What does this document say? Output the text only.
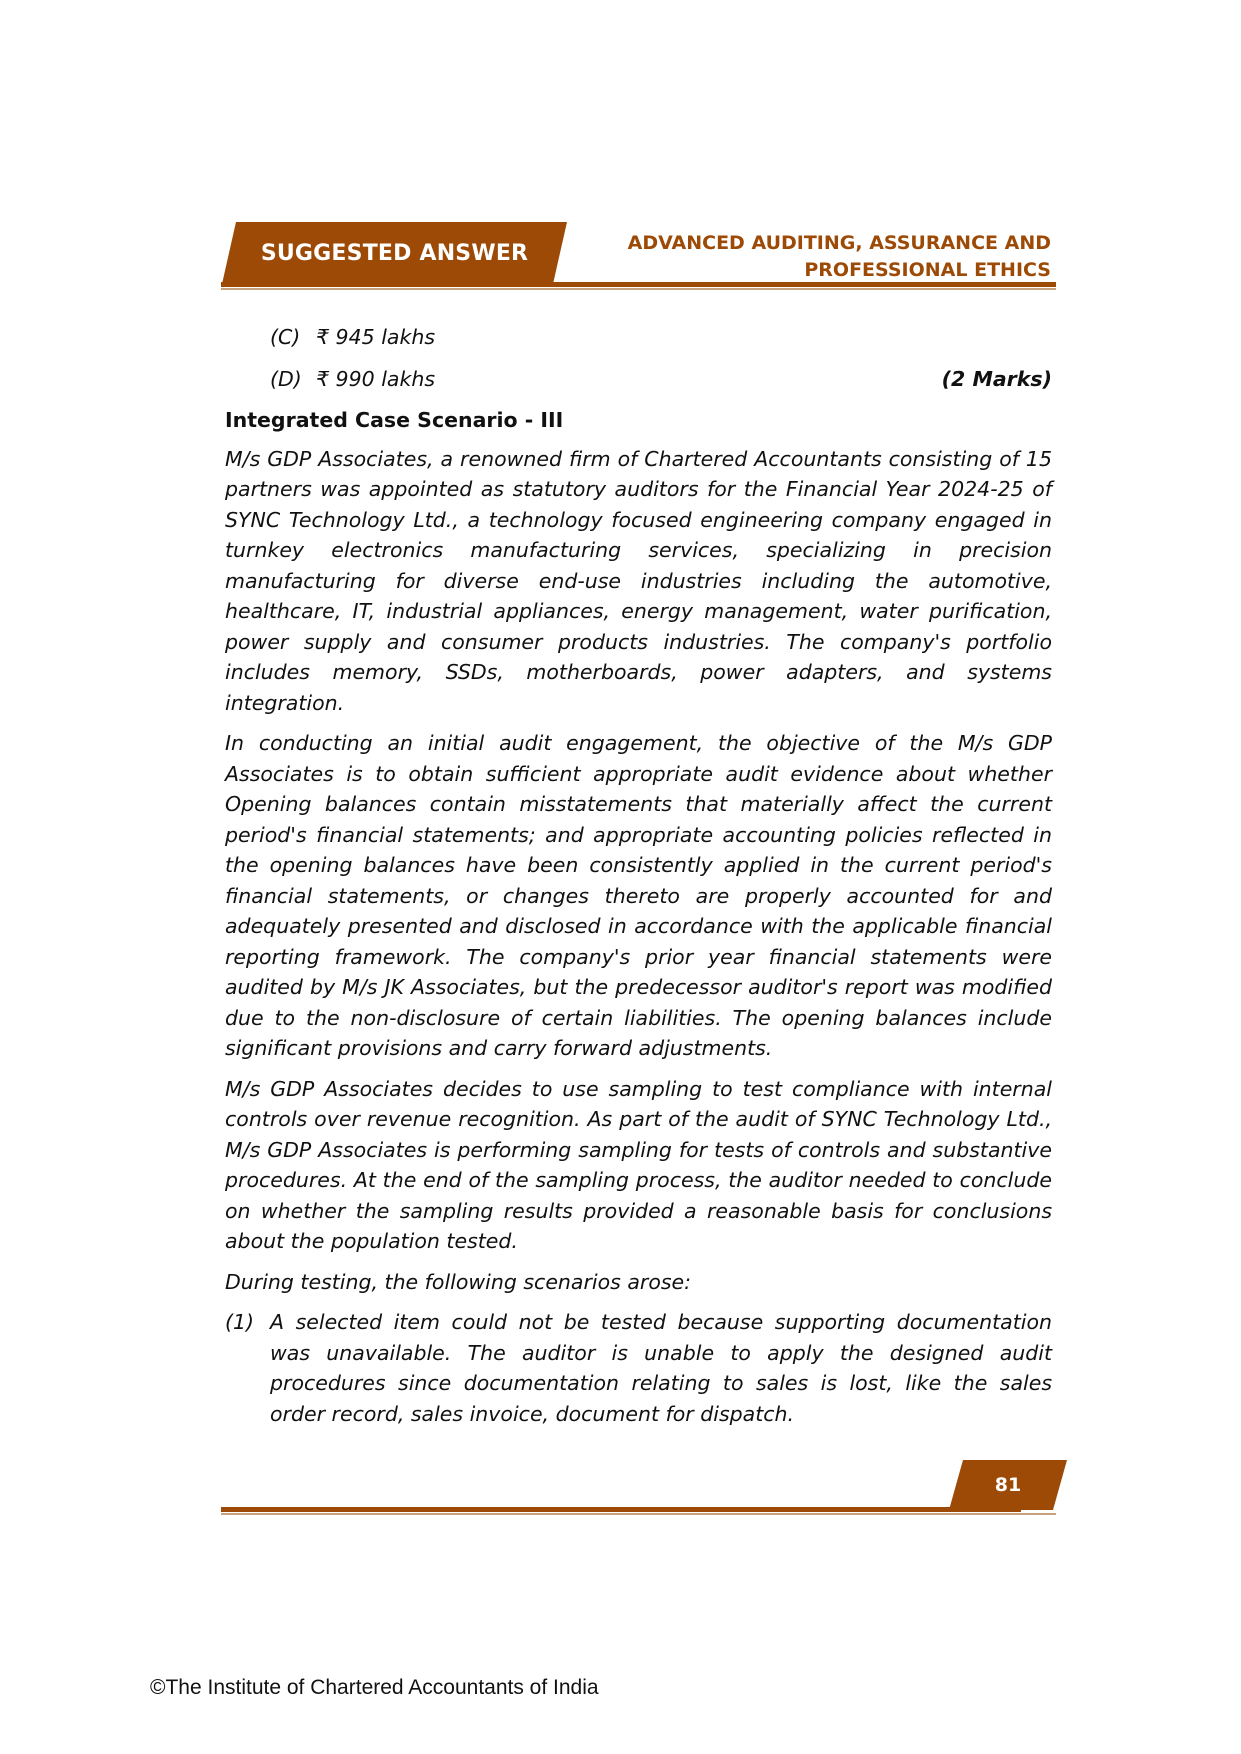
SUGGESTED ANSWER	ADVANCED AUDITING, ASSURANCE AND
PROFESSIONAL ETHICS
(C) ₹ 945 lakhs
(D) ₹ 990 lakhs	(2 Marks)
Integrated Case Scenario - III

M/s GDP Associates, a renowned firm of Chartered Accountants consisting of 15 partners was appointed as statutory auditors for the Financial Year 2024-25 of SYNC Technology Ltd., a technology focused engineering company engaged in turnkey electronics manufacturing services, specializing in precision manufacturing for diverse end-use industries including the automotive, healthcare, IT, industrial appliances, energy management, water purification, power supply and consumer products industries. The company's portfolio includes memory, SSDs, motherboards, power adapters, and systems integration.

In conducting an initial audit engagement, the objective of the M/s GDP Associates is to obtain sufficient appropriate audit evidence about whether Opening balances contain misstatements that materially affect the current period's financial statements; and appropriate accounting policies reflected in the opening balances have been consistently applied in the current period's financial statements, or changes thereto are properly accounted for and adequately presented and disclosed in accordance with the applicable financial reporting framework. The company's prior year financial statements were audited by M/s JK Associates, but the predecessor auditor's report was modified due to the non-disclosure of certain liabilities. The opening balances include significant provisions and carry forward adjustments.

M/s GDP Associates decides to use sampling to test compliance with internal controls over revenue recognition. As part of the audit of SYNC Technology Ltd., M/s GDP Associates is performing sampling for tests of controls and substantive procedures. At the end of the sampling process, the auditor needed to conclude on whether the sampling results provided a reasonable basis for conclusions about the population tested.

During testing, the following scenarios arose:

(1) A selected item could not be tested because supporting documentation was unavailable. The auditor is unable to apply the designed audit procedures since documentation relating to sales is lost, like the sales order record, sales invoice, document for dispatch.
81
©The Institute of Chartered Accountants of India
